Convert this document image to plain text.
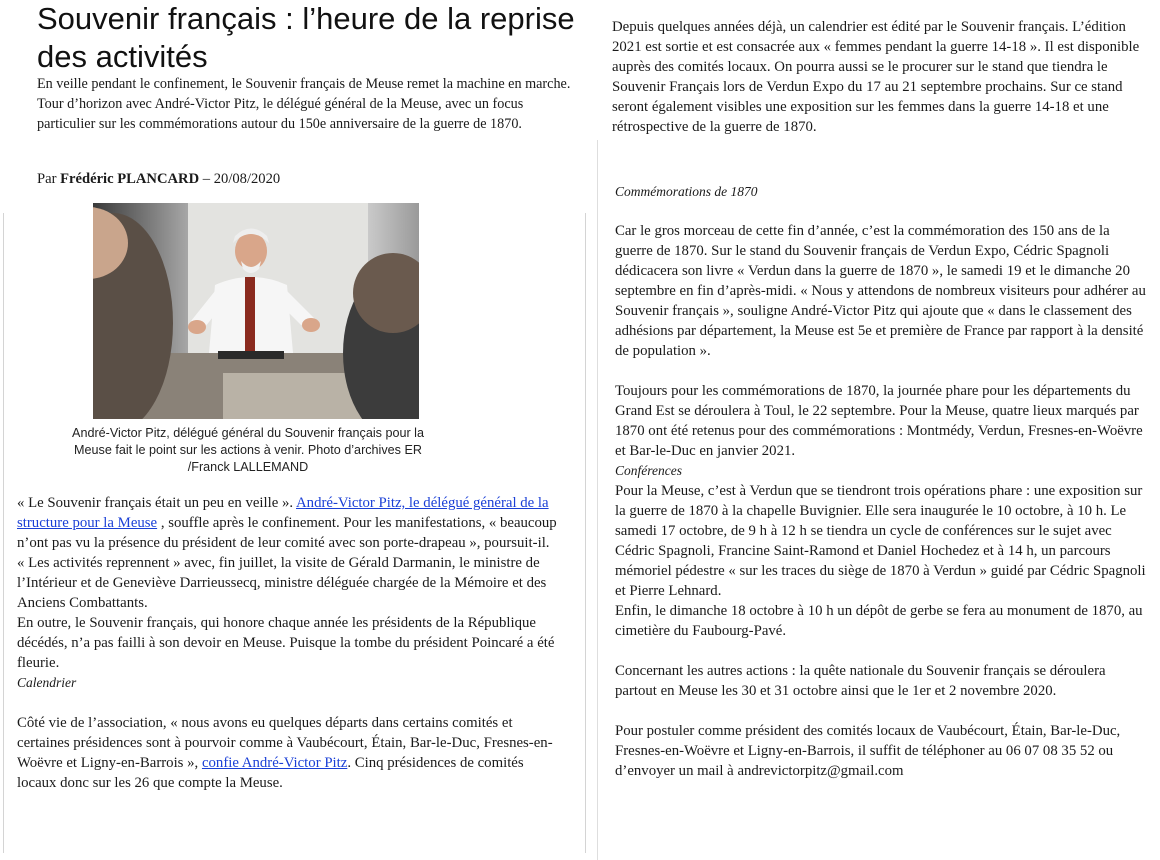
Souvenir français : l’heure de la reprise des activités
En veille pendant le confinement, le Souvenir français de Meuse remet la machine en marche. Tour d’horizon avec André-Victor Pitz, le délégué général de la Meuse, avec un focus particulier sur les commémorations autour du 150e anniversaire de la guerre de 1870.
Par Frédéric PLANCARD – 20/08/2020
André-Victor Pitz, délégué général du Souvenir français pour la Meuse fait le point sur les actions à venir. Photo d’archives ER /Franck LALLEMAND

« Le Souvenir français était un peu en veille ». André-Victor Pitz, le délégué général de la structure pour la Meuse , souffle après le confinement. Pour les manifestations, « beaucoup n’ont pas vu la présence du président de leur comité avec son porte-drapeau », poursuit-il. « Les activités reprennent » avec, fin juillet, la visite de Gérald Darmanin, le ministre de l’Intérieur et de Geneviève Darrieussecq, ministre déléguée chargée de la Mémoire et des Anciens Combattants.

En outre, le Souvenir français, qui honore chaque année les présidents de la République décédés, n’a pas failli à son devoir en Meuse. Puisque la tombe du président Poincaré a été fleurie.

Calendrier

Côté vie de l’association, « nous avons eu quelques départs dans certains comités et certaines présidences sont à pourvoir comme à Vaubécourt, Étain, Bar-le-Duc, Fresnes-en-Woëvre et Ligny-en-Barrois », confie André-Victor Pitz. Cinq présidences de comités locaux donc sur les 26 que compte la Meuse.

Depuis quelques années déjà, un calendrier est édité par le Souvenir français. L’édition 2021 est sortie et est consacrée aux « femmes pendant la guerre 14-18 ». Il est disponible auprès des comités locaux. On pourra aussi se le procurer sur le stand que tiendra le Souvenir Français lors de Verdun Expo du 17 au 21 septembre prochains. Sur ce stand seront également visibles une exposition sur les femmes dans la guerre 14-18 et une rétrospective de la guerre de 1870.

Commémorations de 1870

Car le gros morceau de cette fin d’année, c’est la commémoration des 150 ans de la guerre de 1870. Sur le stand du Souvenir français de Verdun Expo, Cédric Spagnoli dédicacera son livre « Verdun dans la guerre de 1870 », le samedi 19 et le dimanche 20 septembre en fin d’après-midi. « Nous y attendons de nombreux visiteurs pour adhérer au Souvenir français », souligne André-Victor Pitz qui ajoute que « dans le classement des adhésions par département, la Meuse est 5e et première de France par rapport à la densité de population ».

Toujours pour les commémorations de 1870, la journée phare pour les départements du Grand Est se déroulera à Toul, le 22 septembre. Pour la Meuse, quatre lieux marqués par 1870 ont été retenus pour des commémorations : Montmédy, Verdun, Fresnes-en-Woëvre et Bar-le-Duc en janvier 2021.

Conférences

Pour la Meuse, c’est à Verdun que se tiendront trois opérations phare : une exposition sur la guerre de 1870 à la chapelle Buvignier. Elle sera inaugurée le 10 octobre, à 10 h. Le samedi 17 octobre, de 9 h à 12 h se tiendra un cycle de conférences sur le sujet avec Cédric Spagnoli, Francine Saint-Ramond et Daniel Hochedez et à 14 h, un parcours mémoriel pédestre « sur les traces du siège de 1870 à Verdun » guidé par Cédric Spagnoli et Pierre Lehnard.

Enfin, le dimanche 18 octobre à 10 h un dépôt de gerbe se fera au monument de 1870, au cimetière du Faubourg-Pavé.

Concernant les autres actions : la quête nationale du Souvenir français se déroulera partout en Meuse les 30 et 31 octobre ainsi que le 1er et 2 novembre 2020.

Pour postuler comme président des comités locaux de Vaubécourt, Étain, Bar-le-Duc, Fresnes-en-Woëvre et Ligny-en-Barrois, il suffit de téléphoner au 06 07 08 35 52 ou d’envoyer un mail à andrevictorpitz@gmail.com
